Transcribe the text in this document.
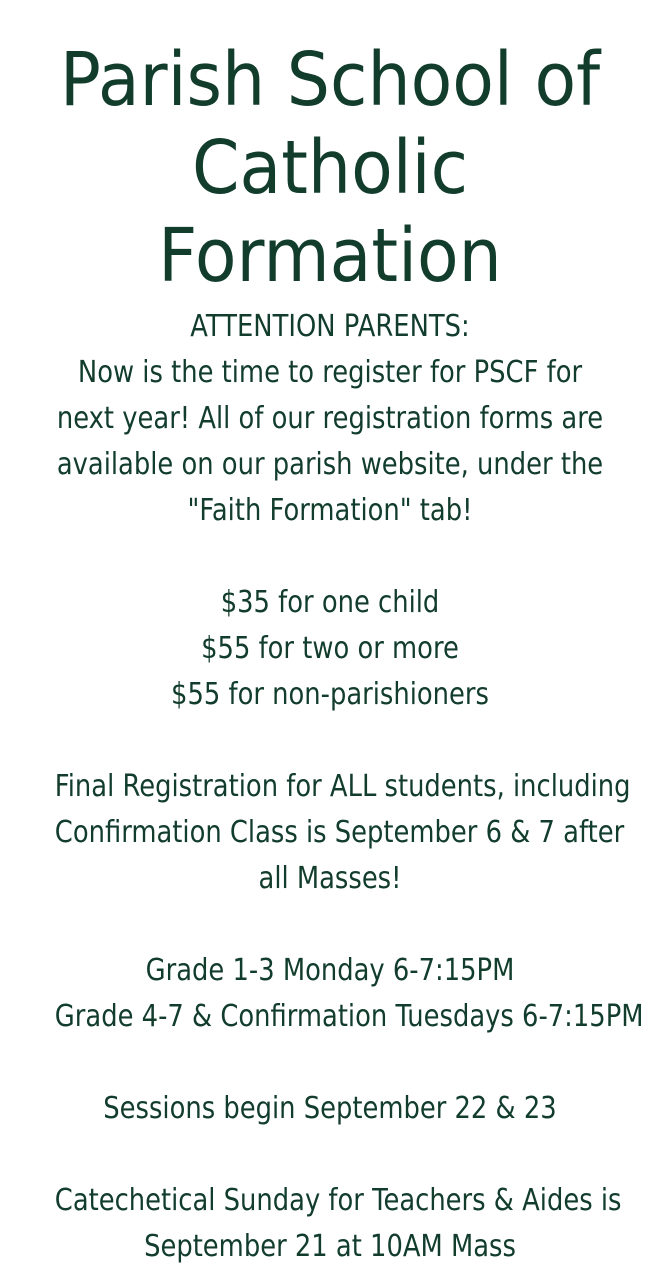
Parish School of
Catholic Formation

ATTENTION PARENTS:

Now is the time to register for PSCF for

next year! All of our registration forms are

available on our parish website, under the

"Faith Formation" tab!

$35 for one child

$55 for two or more

$55 for non-parishioners

Final Registration for ALL students, including

Confirmation Class is September 6 & 7 after

all Masses!

Grade 1-3 Monday 6-7:15PM

Grade 4-7 & Confirmation Tuesdays 6-7:15PM

Sessions begin September 22 & 23

Catechetical Sunday for Teachers & Aides is

September 21 at 10AM Mass
